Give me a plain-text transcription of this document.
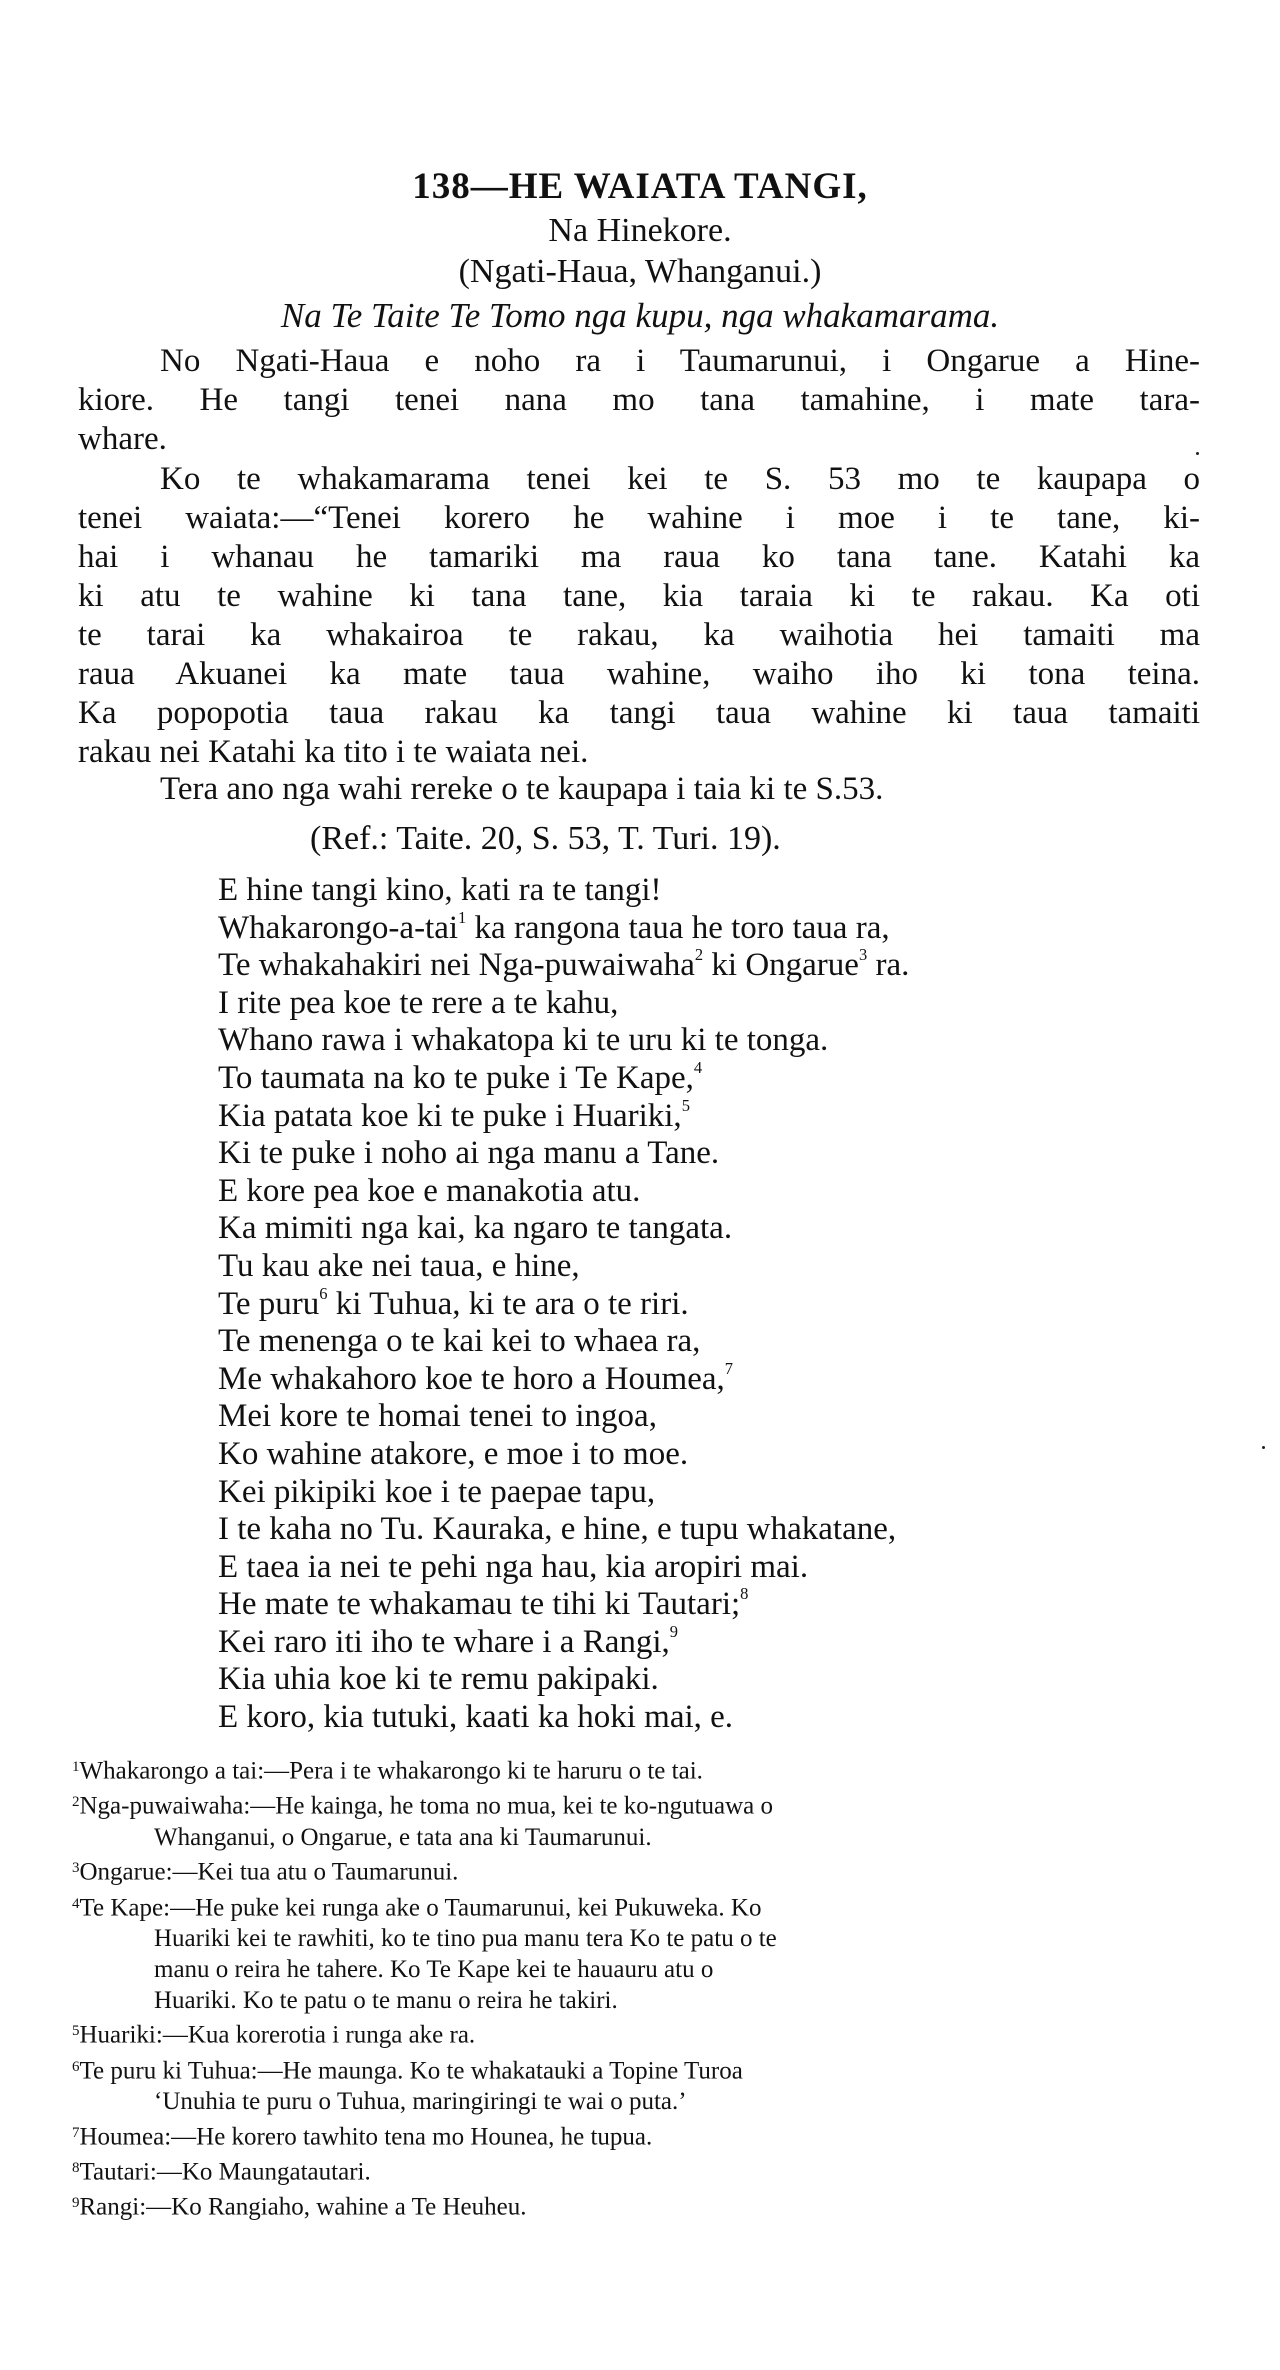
138—HE WAIATA TANGI,
Na Hinekore.
(Ngati-Haua, Whanganui.)
Na Te Taite Te Tomo nga kupu, nga whakamarama.
No Ngati-Haua e noho ra i Taumarunui, i Ongarue a Hine-
kiore. He tangi tenei nana mo tana tamahine, i mate tara-
whare.
Ko te whakamarama tenei kei te S. 53 mo te kaupapa o
tenei waiata:—“Tenei korero he wahine i moe i te tane, ki-
hai i whanau he tamariki ma raua ko tana tane. Katahi ka
ki atu te wahine ki tana tane, kia taraia ki te rakau. Ka oti
te tarai ka whakairoa te rakau, ka waihotia hei tamaiti ma
raua Akuanei ka mate taua wahine, waiho iho ki tona teina.
Ka popopotia taua rakau ka tangi taua wahine ki taua tamaiti
rakau nei Katahi ka tito i te waiata nei.
Tera ano nga wahi rereke o te kaupapa i taia ki te S.53.
(Ref.: Taite. 20, S. 53, T. Turi. 19).
E hine tangi kino, kati ra te tangi!
Whakarongo-a-tai$^1$ ka rangona taua he toro taua ra,
Te whakahakiri nei Nga-puwaiwaha$^2$ ki Ongarue$^3$ ra.
I rite pea koe te rere a te kahu,
Whano rawa i whakatopa ki te uru ki te tonga.
To taumata na ko te puke i Te Kape,$^4$
Kia patata koe ki te puke i Huariki,$^5$
Ki te puke i noho ai nga manu a Tane.
E kore pea koe e manakotia atu.
Ka mimiti nga kai, ka ngaro te tangata.
Tu kau ake nei taua, e hine,
Te puru$^6$ ki Tuhua, ki te ara o te riri.
Te menenga o te kai kei to whaea ra,
Me whakahoro koe te horo a Houmea,$^7$
Mei kore te homai tenei to ingoa,
Ko wahine atakore, e moe i to moe.
Kei pikipiki koe i te paepae tapu,
I te kaha no Tu. Kauraka, e hine, e tupu whakatane,
E taea ia nei te pehi nga hau, kia aropiri mai.
He mate te whakamau te tihi ki Tautari;$^8$
Kei raro iti iho te whare i a Rangi,$^9$
Kia uhia koe ki te remu pakipaki.
E koro, kia tutuki, kaati ka hoki mai, e.
$^1$Whakarongo a tai:—Pera i te whakarongo ki te haruru o te tai.
$^2$Nga-puwaiwaha:—He kainga, he toma no mua, kei te ko-ngutuawa o
Whanganui, o Ongarue, e tata ana ki Taumarunui.
$^3$Ongarue:—Kei tua atu o Taumarunui.
$^4$Te Kape:—He puke kei runga ake o Taumarunui, kei Pukuweka. Ko
Huariki kei te rawhiti, ko te tino pua manu tera Ko te patu o te
manu o reira he tahere. Ko Te Kape kei te hauauru atu o
Huariki. Ko te patu o te manu o reira he takiri.
$^5$Huariki:—Kua korerotia i runga ake ra.
$^6$Te puru ki Tuhua:—He maunga. Ko te whakatauki a Topine Turoa
‘Unuhia te puru o Tuhua, maringiringi te wai o puta.’
$^7$Houmea:—He korero tawhito tena mo Hounea, he tupua.
$^8$Tautari:—Ko Maungatautari.
$^9$Rangi:—Ko Rangiaho, wahine a Te Heuheu.
